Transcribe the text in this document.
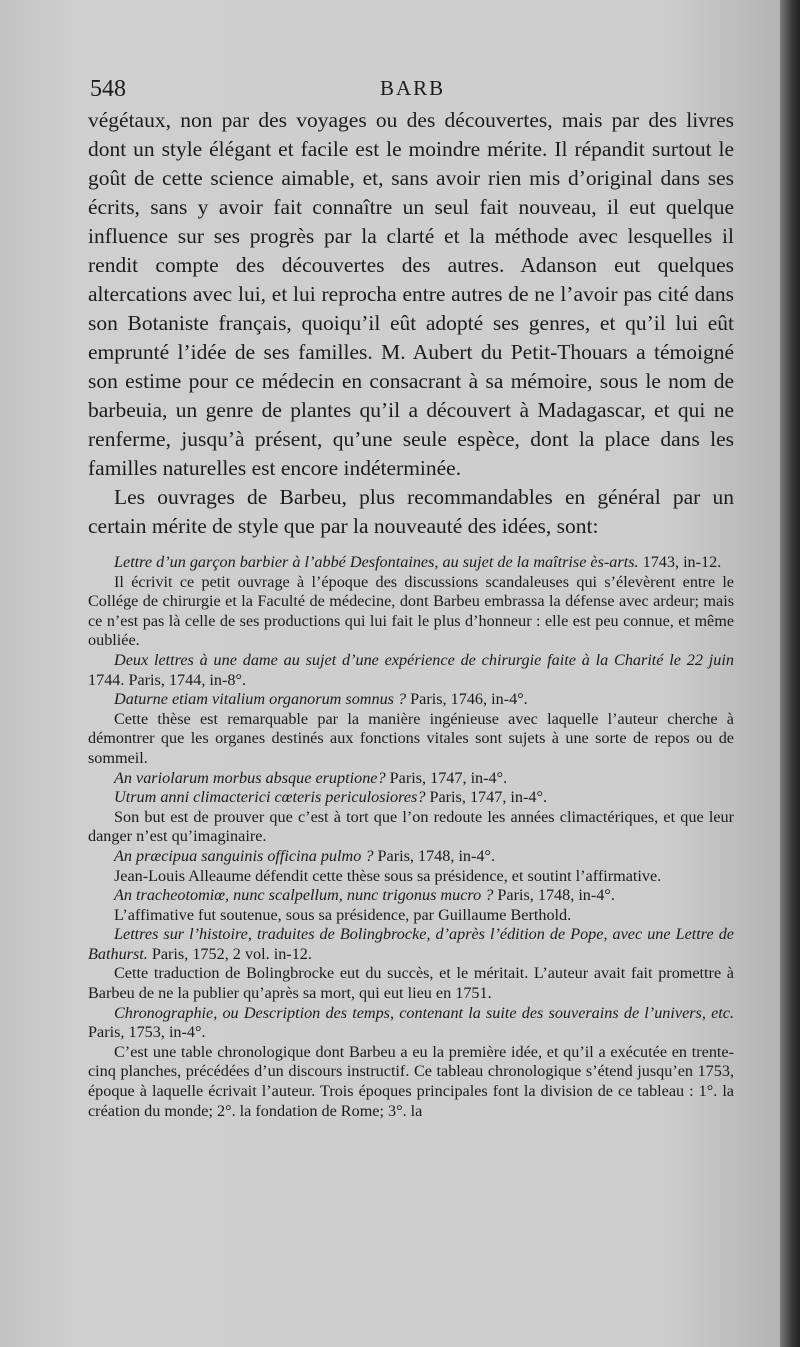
548	BARB

végétaux, non par des voyages ou des découvertes, mais par des livres dont un style élégant et facile est le moindre mérite. Il répandit surtout le goût de cette science aimable, et, sans avoir rien mis d’original dans ses écrits, sans y avoir fait connaître un seul fait nouveau, il eut quelque influence sur ses progrès par la clarté et la méthode avec lesquelles il rendit compte des découvertes des autres. Adanson eut quelques altercations avec lui, et lui reprocha entre autres de ne l’avoir pas cité dans son Botaniste français, quoiqu’il eût adopté ses genres, et qu’il lui eût emprunté l’idée de ses familles. M. Aubert du Petit-Thouars a témoigné son estime pour ce médecin en consacrant à sa mémoire, sous le nom de barbeuia, un genre de plantes qu’il a découvert à Madagascar, et qui ne renferme, jusqu’à présent, qu’une seule espèce, dont la place dans les familles naturelles est encore indéterminée.

Les ouvrages de Barbeu, plus recommandables en général par un certain mérite de style que par la nouveauté des idées, sont:

Lettre d’un garçon barbier à l’abbé Desfontaines, au sujet de la maîtrise ès-arts. 1743, in-12.

Il écrivit ce petit ouvrage à l’époque des discussions scandaleuses qui s’élevèrent entre le Collége de chirurgie et la Faculté de médecine, dont Barbeu embrassa la défense avec ardeur; mais ce n’est pas là celle de ses productions qui lui fait le plus d’honneur : elle est peu connue, et même oubliée.

Deux lettres à une dame au sujet d’une expérience de chirurgie faite à la Charité le 22 juin 1744. Paris, 1744, in-8°.

Daturne etiam vitalium organorum somnus ? Paris, 1746, in-4°.

Cette thèse est remarquable par la manière ingénieuse avec laquelle l’auteur cherche à démontrer que les organes destinés aux fonctions vitales sont sujets à une sorte de repos ou de sommeil.

An variolarum morbus absque eruptione? Paris, 1747, in-4°.

Utrum anni climacterici cœteris periculosiores? Paris, 1747, in-4°.

Son but est de prouver que c’est à tort que l’on redoute les années climactériques, et que leur danger n’est qu’imaginaire.

An præcipua sanguinis officina pulmo ? Paris, 1748, in-4°.

Jean-Louis Alleaume défendit cette thèse sous sa présidence, et soutint l’affirmative.

An tracheotomiœ, nunc scalpellum, nunc trigonus mucro ? Paris, 1748, in-4°.

L’affimative fut soutenue, sous sa présidence, par Guillaume Berthold.

Lettres sur l’histoire, traduites de Bolingbrocke, d’après l’édition de Pope, avec une Lettre de Bathurst. Paris, 1752, 2 vol. in-12.

Cette traduction de Bolingbrocke eut du succès, et le méritait. L’auteur avait fait promettre à Barbeu de ne la publier qu’après sa mort, qui eut lieu en 1751.

Chronographie, ou Description des temps, contenant la suite des souverains de l’univers, etc. Paris, 1753, in-4°.

C’est une table chronologique dont Barbeu a eu la première idée, et qu’il a exécutée en trente-cinq planches, précédées d’un discours instructif. Ce tableau chronologique s’étend jusqu’en 1753, époque à laquelle écrivait l’auteur. Trois époques principales font la division de ce tableau : 1°. la création du monde; 2°. la fondation de Rome; 3°. la
